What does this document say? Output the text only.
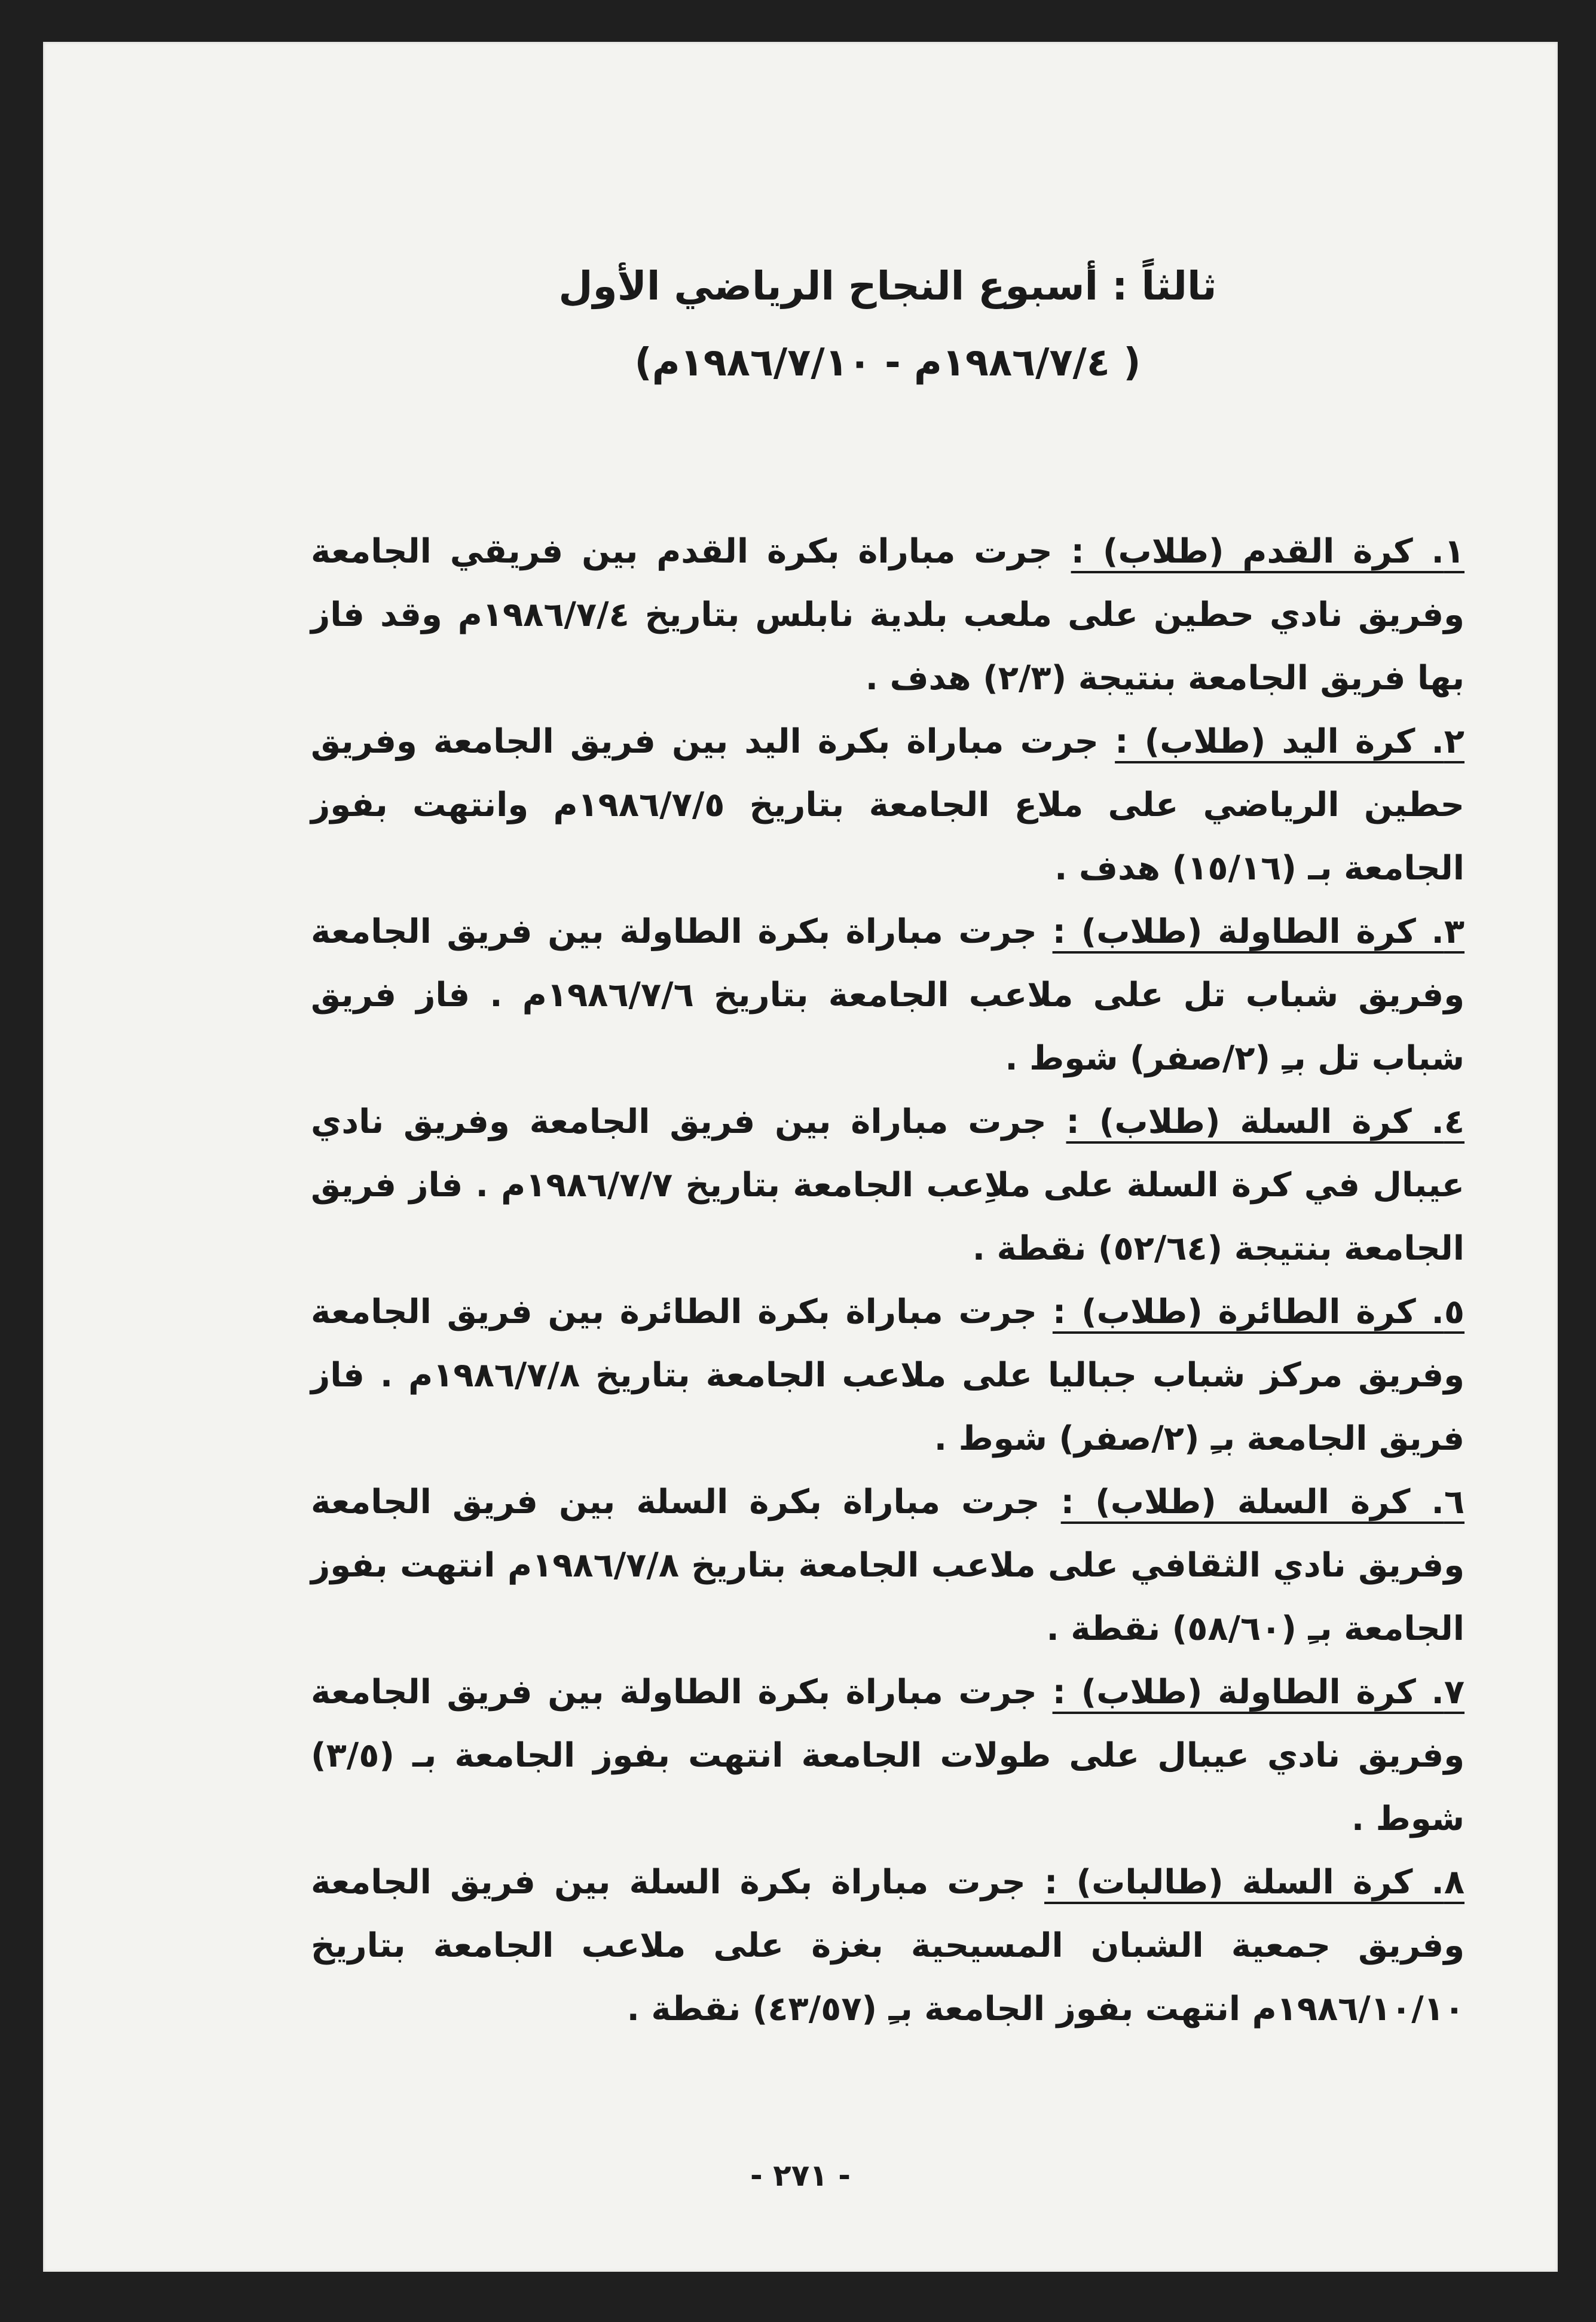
ثالثاً : أسبوع النجاح الرياضي الأول
( ١٩٨٦/٧/٤م - ١٩٨٦/٧/١٠م)
١. كرة القدم (طلاب) : جرت مباراة بكرة القدم بين فريقي الجامعة وفريق نادي حطين على ملعب بلدية نابلس بتاريخ ١٩٨٦/٧/٤م وقد فاز بها فريق الجامعة بنتيجة (٢/٣) هدف .
٢. كرة اليد (طلاب) : جرت مباراة بكرة اليد بين فريق الجامعة وفريق حطين الرياضي على ملاع الجامعة بتاريخ ١٩٨٦/٧/٥م وانتهت بفوز الجامعة بـ (١٥/١٦) هدف .
٣. كرة الطاولة (طلاب) : جرت مباراة بكرة الطاولة بين فريق الجامعة وفريق شباب تل على ملاعب الجامعة بتاريخ ١٩٨٦/٧/٦م . فاز فريق شباب تل بـِ (٢/صفر) شوط .
٤. كرة السلة (طلاب) : جرت مباراة بين فريق الجامعة وفريق نادي عيبال في كرة السلة على ملاِعب الجامعة بتاريخ ١٩٨٦/٧/٧م . فاز فريق الجامعة بنتيجة (٥٢/٦٤) نقطة .
٥. كرة الطائرة (طلاب) : جرت مباراة بكرة الطائرة بين فريق الجامعة وفريق مركز شباب جباليا على ملاعب الجامعة بتاريخ ١٩٨٦/٧/٨م . فاز فريق الجامعة بـِ (٢/صفر) شوط .
٦. كرة السلة (طلاب) : جرت مباراة بكرة السلة بين فريق الجامعة وفريق نادي الثقافي على ملاعب الجامعة بتاريخ ١٩٨٦/٧/٨م انتهت بفوز الجامعة بـِ (٥٨/٦٠) نقطة .
٧. كرة الطاولة (طلاب) : جرت مباراة بكرة الطاولة بين فريق الجامعة وفريق نادي عيبال على طولات الجامعة انتهت بفوز الجامعة بـ (٣/٥) شوط .
٨. كرة السلة (طالبات) : جرت مباراة بكرة السلة بين فريق الجامعة وفريق جمعية الشبان المسيحية بغزة على ملاعب الجامعة بتاريخ ١٩٨٦/١٠/١٠م انتهت بفوز الجامعة بـِ (٤٣/٥٧) نقطة .
- ٢٧١ -
